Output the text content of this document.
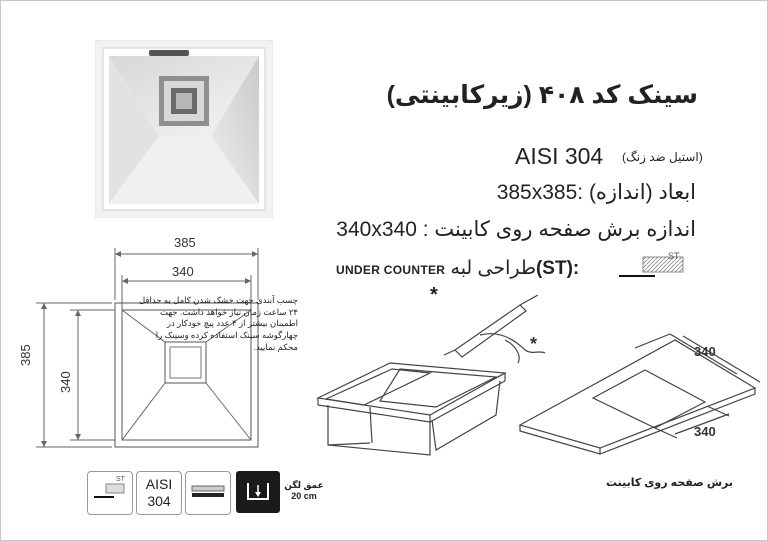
385
340
385
340
سینک کد ۴۰۸ (زیرکابینتی)
AISI 304 (استیل ضد زنگ)
385x385: ابعاد (اندازه)
340x340 : اندازه برش صفحه روی کابینت
UNDER COUNTER طراحی لبه(ST):
ST
*
چسب آبندی جهت خشک شدن کامل به حداقل ۲۴ ساعت زمان نیاز خواهد داشت. جهت اطمینان بیشتر از ۴ عدد پیچ خودکار در چهارگوشه سینک استفاده کرده وسینک را محکم نمایید.	*	340
340
برش صفحه روی کابینت
ST	AISI
304
عمق لگن
20 cm
